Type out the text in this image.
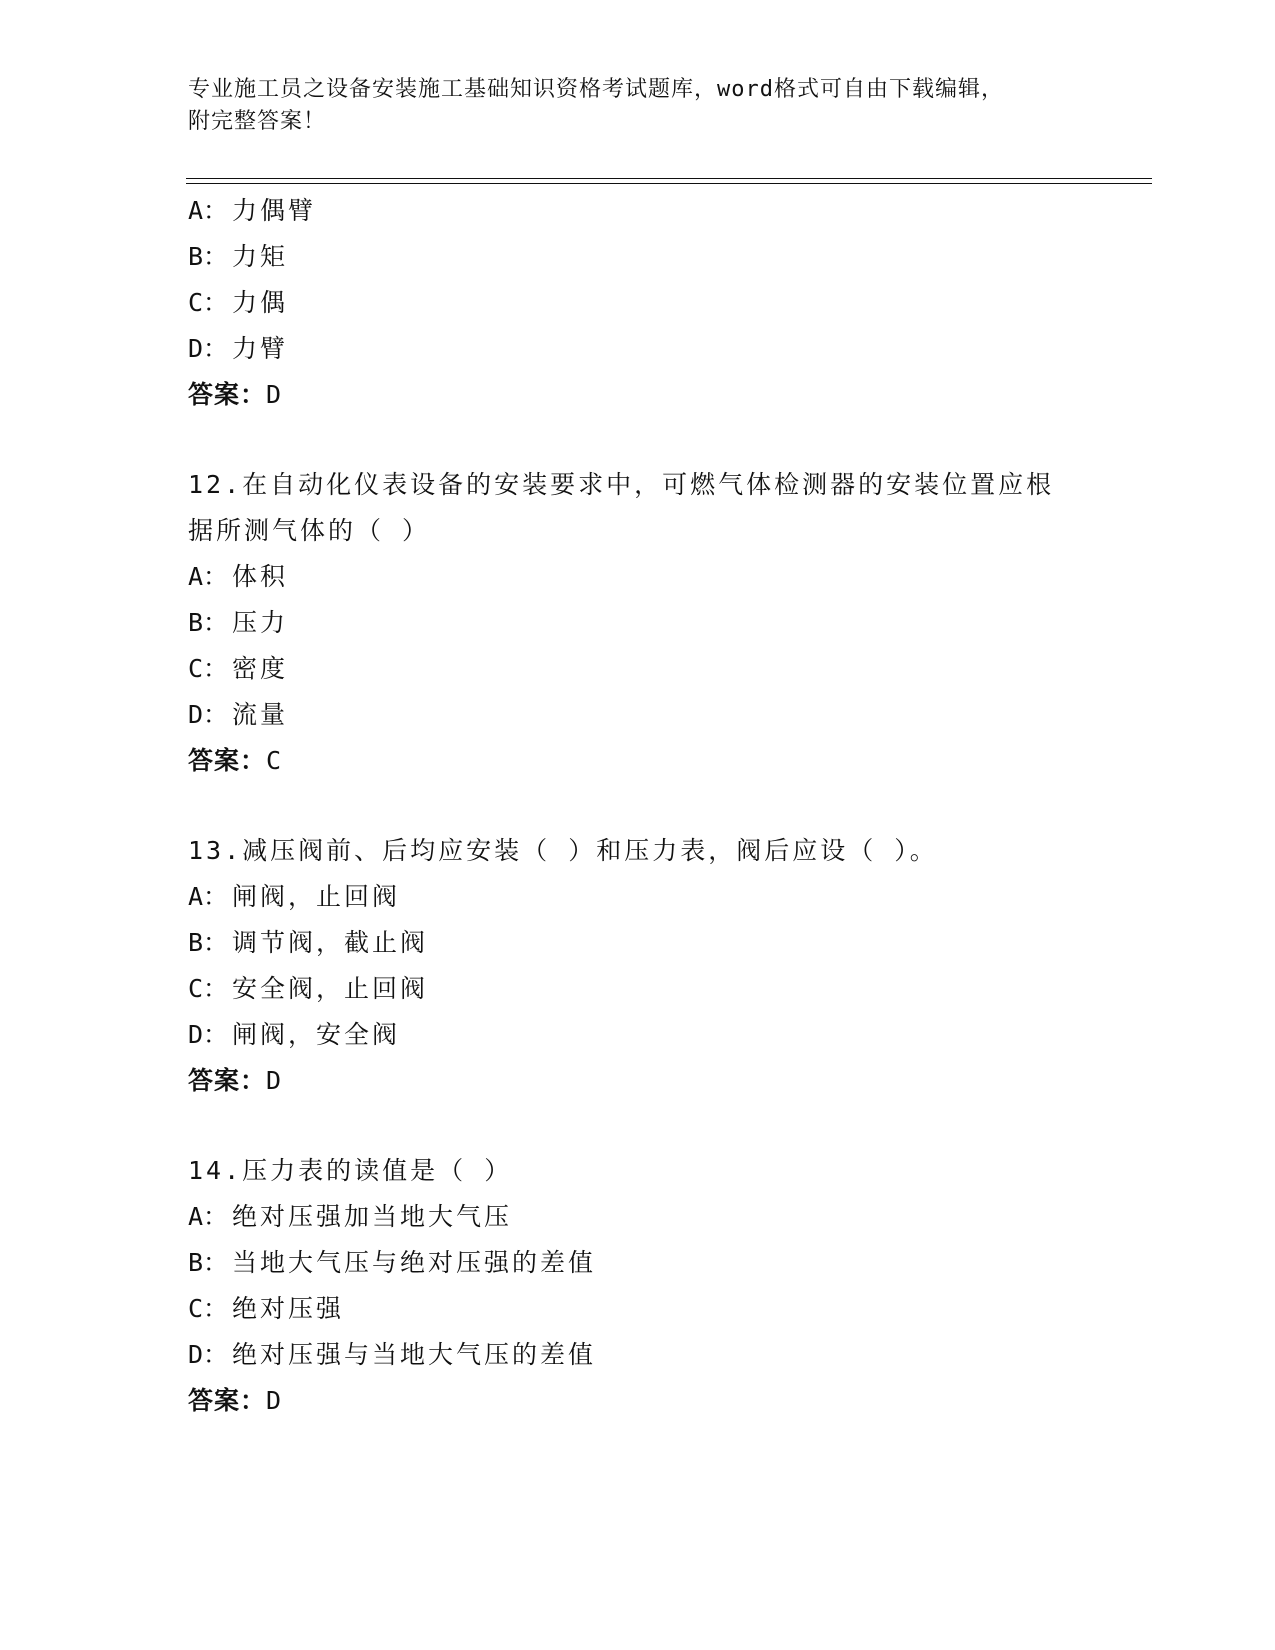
专业施工员之设备安装施工基础知识资格考试题库，word格式可自由下载编辑，
附完整答案！
A： 力偶臂
B： 力矩
C： 力偶
D： 力臂
答案：D
12.在自动化仪表设备的安装要求中，可燃气体检测器的安装位置应根
据所测气体的（ ）
A： 体积
B： 压力
C： 密度
D： 流量
答案：C
13.减压阀前、后均应安装（ ）和压力表，阀后应设（ ）。
A： 闸阀，止回阀
B： 调节阀，截止阀
C： 安全阀，止回阀
D： 闸阀，安全阀
答案：D
14.压力表的读值是（ ）
A： 绝对压强加当地大气压
B： 当地大气压与绝对压强的差值
C： 绝对压强
D： 绝对压强与当地大气压的差值
答案：D
